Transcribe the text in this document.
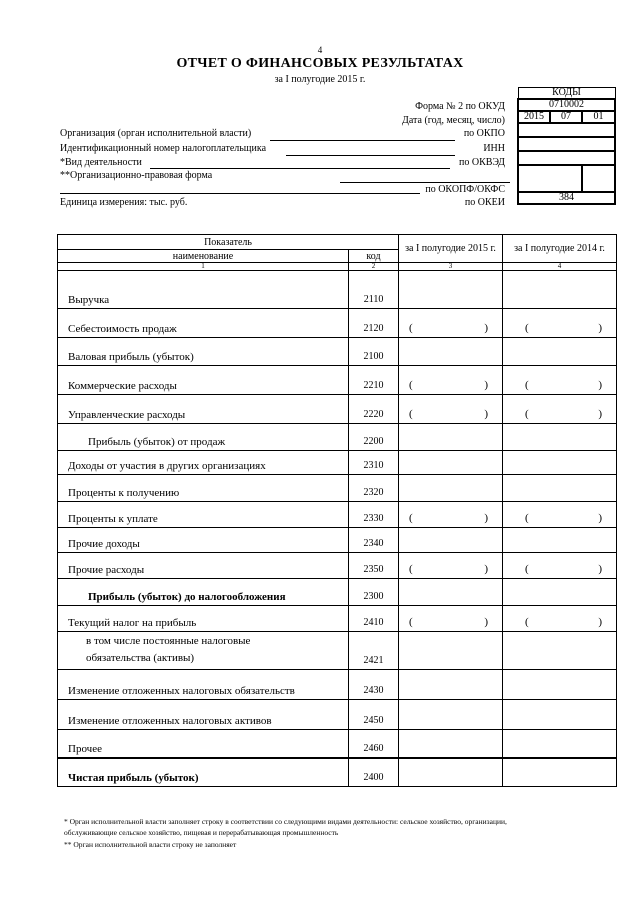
4
ОТЧЕТ О ФИНАНСОВЫХ РЕЗУЛЬТАТАХ
за I полугодие 2015 г.
КОДЫ		
0710002		
2015	07	01

384		
Форма № 2 по ОКУД
Дата (год, месяц, число)
Организация (орган исполнительной власти)	по ОКПО
Идентификационный номер налогоплательщика	ИНН
*Вид деятельности	по ОКВЭД
**Организационно-правовая форма
по ОКОПФ/ОКФС
Единица измерения: тыс. руб.	по ОКЕИ
Показатель		за I полугодие 2015 г.	за I полугодие 2014 г.
наименование	код		
1	2	3	4
Выручка	2110		
Себестоимость продаж	2120	( )	( )

Валовая прибыль (убыток)	2100		
Коммерческие расходы	2210	( )	( )

Управленческие расходы	2220	( )	( )

Прибыль (убыток) от продаж	2200		
Доходы от участия в других организациях	2310		
Проценты к получению	2320		
Проценты к уплате	2330	( )	( )

Прочие доходы	2340		
Прочие расходы	2350	( )	( )

Прибыль (убыток) до налогообложения	2300		
Текущий налог на прибыль	2410	( )	( )

в том числе постоянные налоговые обязательства (активы)	2421		
Изменение отложенных налоговых обязательств	2430		
Изменение отложенных налоговых активов	2450		
Прочее	2460		
Чистая прибыль (убыток)	2400		
* Орган исполнительной власти заполняет строку в соответствии со следующими видами деятельности: сельское хозяйство, организации,
обслуживающие сельское хозяйство, пищевая и перерабатывающая промышленность
** Орган исполнительной власти строку не заполняет
